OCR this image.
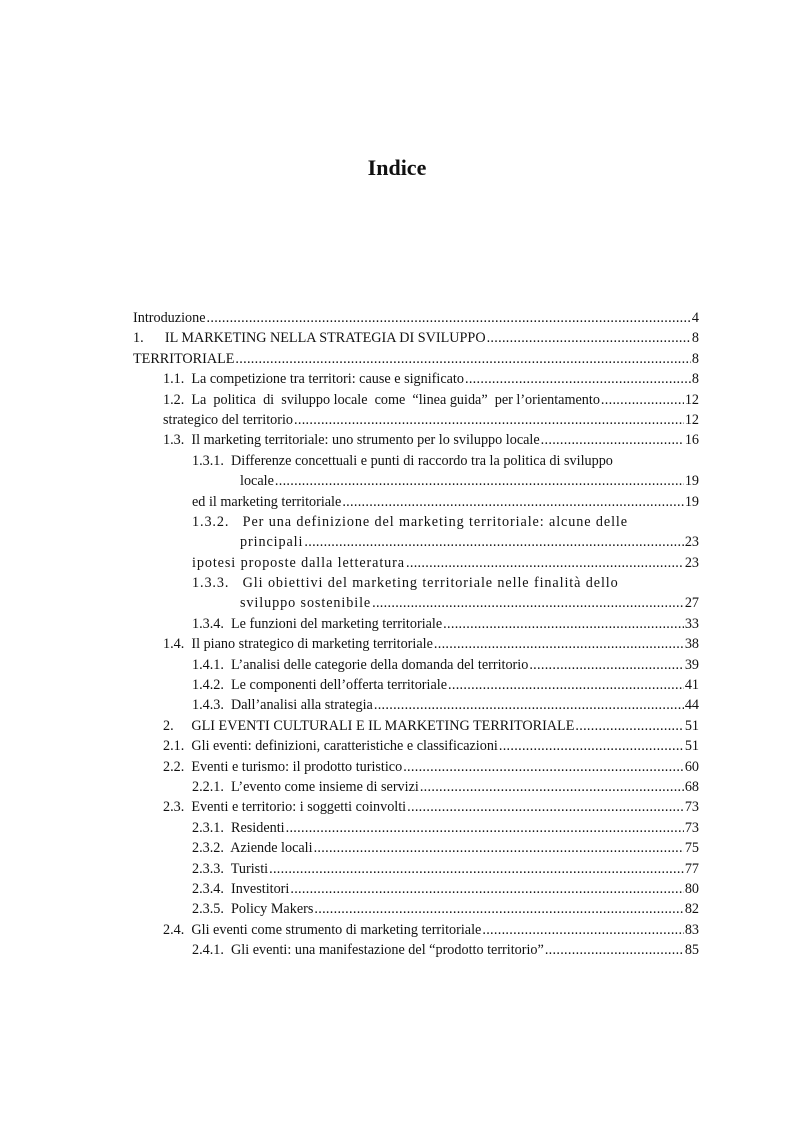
Indice
Introduzione .....	4
1.      IL MARKETING NELLA STRATEGIA DI SVILUPPO .....	8
TERRITORIALE .....	8
1.1.  La competizione tra territori: cause e significato .....	8
1.2.  La  politica  di  sviluppo locale  come  “linea guida”  per l’orientamento .....	12
strategico del territorio .....	12
1.3.  Il marketing territoriale: uno strumento per lo sviluppo locale .....	16
1.3.1.  Differenze concettuali e punti di raccordo tra la politica di sviluppo
locale .....	19
ed il marketing territoriale .....	19
1.3.2.   Per una definizione del marketing territoriale: alcune delle
principali .....	23
ipotesi proposte dalla letteratura .....	23
1.3.3.   Gli obiettivi del marketing territoriale nelle finalità dello
sviluppo sostenibile .....	27
1.3.4.  Le funzioni del marketing territoriale .....	33
1.4.  Il piano strategico di marketing territoriale .....	38
1.4.1.  L’analisi delle categorie della domanda del territorio .....	39
1.4.2.  Le componenti dell’offerta territoriale .....	41
1.4.3.  Dall’analisi alla strategia .....	44
2.     GLI EVENTI CULTURALI E IL MARKETING TERRITORIALE .....	51
2.1.  Gli eventi: definizioni, caratteristiche e classificazioni .....	51
2.2.  Eventi e turismo: il prodotto turistico .....	60
2.2.1.  L’evento come insieme di servizi .....	68
2.3.  Eventi e territorio: i soggetti coinvolti .....	73
2.3.1.  Residenti .....	73
2.3.2.  Aziende locali .....	75
2.3.3.  Turisti .....	77
2.3.4.  Investitori .....	80
2.3.5.  Policy Makers .....	82
2.4.  Gli eventi come strumento di marketing territoriale .....	83
2.4.1.  Gli eventi: una manifestazione del “prodotto territorio” .....	85
